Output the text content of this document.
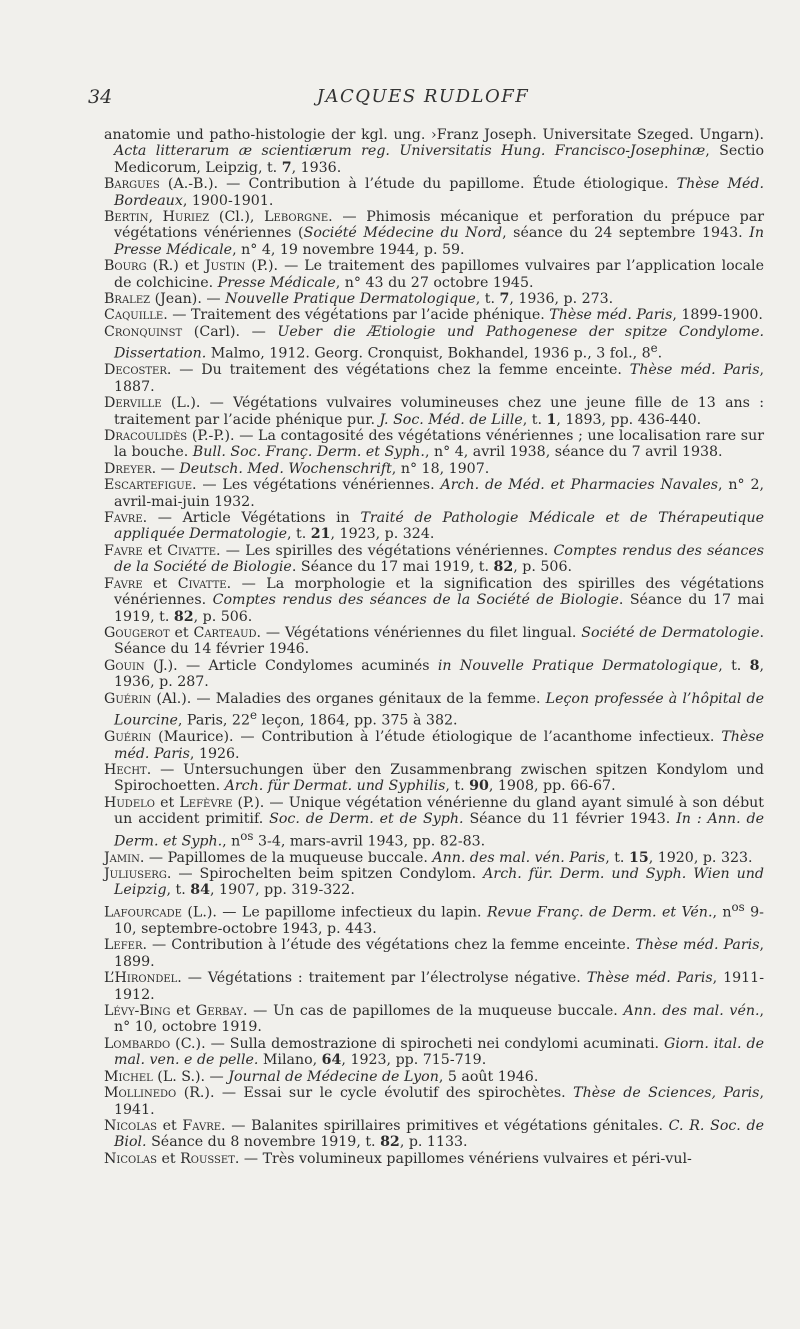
34	JACQUES RUDLOFF

anatomie und patho-histologie der kgl. ung. ›Franz Joseph. Universitate Szeged. Ungarn). Acta litterarum æ scientiærum reg. Universitatis Hung. Francisco-Josephinæ, Sectio Medicorum, Leipzig, t. 7, 1936.

Bargues (A.-B.). — Contribution à l’étude du papillome. Étude étiologique. Thèse Méd. Bordeaux, 1900-1901.

Bertin, Huriez (Cl.), Leborgne. — Phimosis mécanique et perforation du prépuce par végétations vénériennes (Société Médecine du Nord, séance du 24 septembre 1943. In Presse Médicale, n° 4, 19 novembre 1944, p. 59.

Bourg (R.) et Justin (P.). — Le traitement des papillomes vulvaires par l’application locale de colchicine. Presse Médicale, n° 43 du 27 octobre 1945.

Bralez (Jean). — Nouvelle Pratique Dermatologique, t. 7, 1936, p. 273.

Caquille. — Traitement des végétations par l’acide phénique. Thèse méd. Paris, 1899-1900.

Cronquinst (Carl). — Ueber die Ætiologie und Pathogenese der spitze Condylome. Dissertation. Malmo, 1912. Georg. Cronquist, Bokhandel, 1936 p., 3 fol., 8e.

Decoster. — Du traitement des végétations chez la femme enceinte. Thèse méd. Paris, 1887.

Derville (L.). — Végétations vulvaires volumineuses chez une jeune fille de 13 ans : traitement par l’acide phénique pur. J. Soc. Méd. de Lille, t. 1, 1893, pp. 436-440.

Dracoulidès (P.-P.). — La contagosité des végétations vénériennes ; une localisation rare sur la bouche. Bull. Soc. Franç. Derm. et Syph., n° 4, avril 1938, séance du 7 avril 1938.

Dreyer. — Deutsch. Med. Wochenschrift, n° 18, 1907.

Escartefigue. — Les végétations vénériennes. Arch. de Méd. et Pharmacies Navales, n° 2, avril-mai-juin 1932.

Favre. — Article Végétations in Traité de Pathologie Médicale et de Thérapeutique appliquée Dermatologie, t. 21, 1923, p. 324.

Favre et Civatte. — Les spirilles des végétations vénériennes. Comptes rendus des séances de la Société de Biologie. Séance du 17 mai 1919, t. 82, p. 506.

Favre et Civatte. — La morphologie et la signification des spirilles des végétations vénériennes. Comptes rendus des séances de la Société de Biologie. Séance du 17 mai 1919, t. 82, p. 506.

Gougerot et Carteaud. — Végétations vénériennes du filet lingual. Société de Dermatologie. Séance du 14 février 1946.

Gouin (J.). — Article Condylomes acuminés in Nouvelle Pratique Dermatologique, t. 8, 1936, p. 287.

Guérin (Al.). — Maladies des organes génitaux de la femme. Leçon professée à l’hôpital de Lourcine, Paris, 22e leçon, 1864, pp. 375 à 382.

Guérin (Maurice). — Contribution à l’étude étiologique de l’acanthome infectieux. Thèse méd. Paris, 1926.

Hecht. — Untersuchungen über den Zusammenbrang zwischen spitzen Kondylom und Spirochoetten. Arch. für Dermat. und Syphilis, t. 90, 1908, pp. 66-67.

Hudelo et Lefèvre (P.). — Unique végétation vénérienne du gland ayant simulé à son début un accident primitif. Soc. de Derm. et de Syph. Séance du 11 février 1943. In : Ann. de Derm. et Syph., $n^{os}$ 3-4, mars-avril 1943, pp. 82-83.

Jamin. — Papillomes de la muqueuse buccale. Ann. des mal. vén. Paris, t. 15, 1920, p. 323.

Juliuserg. — Spirochelten beim spitzen Condylom. Arch. für. Derm. und Syph. Wien und Leipzig, t. 84, 1907, pp. 319-322.

Lafourcade (L.). — Le papillome infectieux du lapin. Revue Franç. de Derm. et Vén., $n^{os}$ 9-10, septembre-octobre 1943, p. 443.

Lefer. — Contribution à l’étude des végétations chez la femme enceinte. Thèse méd. Paris, 1899.

L’Hirondel. — Végétations : traitement par l’électrolyse négative. Thèse méd. Paris, 1911-1912.

Lévy-Bing et Gerbay. — Un cas de papillomes de la muqueuse buccale. Ann. des mal. vén., n° 10, octobre 1919.

Lombardo (C.). — Sulla demostrazione di spirocheti nei condylomi acuminati. Giorn. ital. de mal. ven. e de pelle. Milano, 64, 1923, pp. 715-719.

Michel (L. S.). — Journal de Médecine de Lyon, 5 août 1946.

Mollinedo (R.). — Essai sur le cycle évolutif des spirochètes. Thèse de Sciences, Paris, 1941.

Nicolas et Favre. — Balanites spirillaires primitives et végétations génitales. C. R. Soc. de Biol. Séance du 8 novembre 1919, t. 82, p. 1133.

Nicolas et Rousset. — Très volumineux papillomes vénériens vulvaires et péri-vul-
